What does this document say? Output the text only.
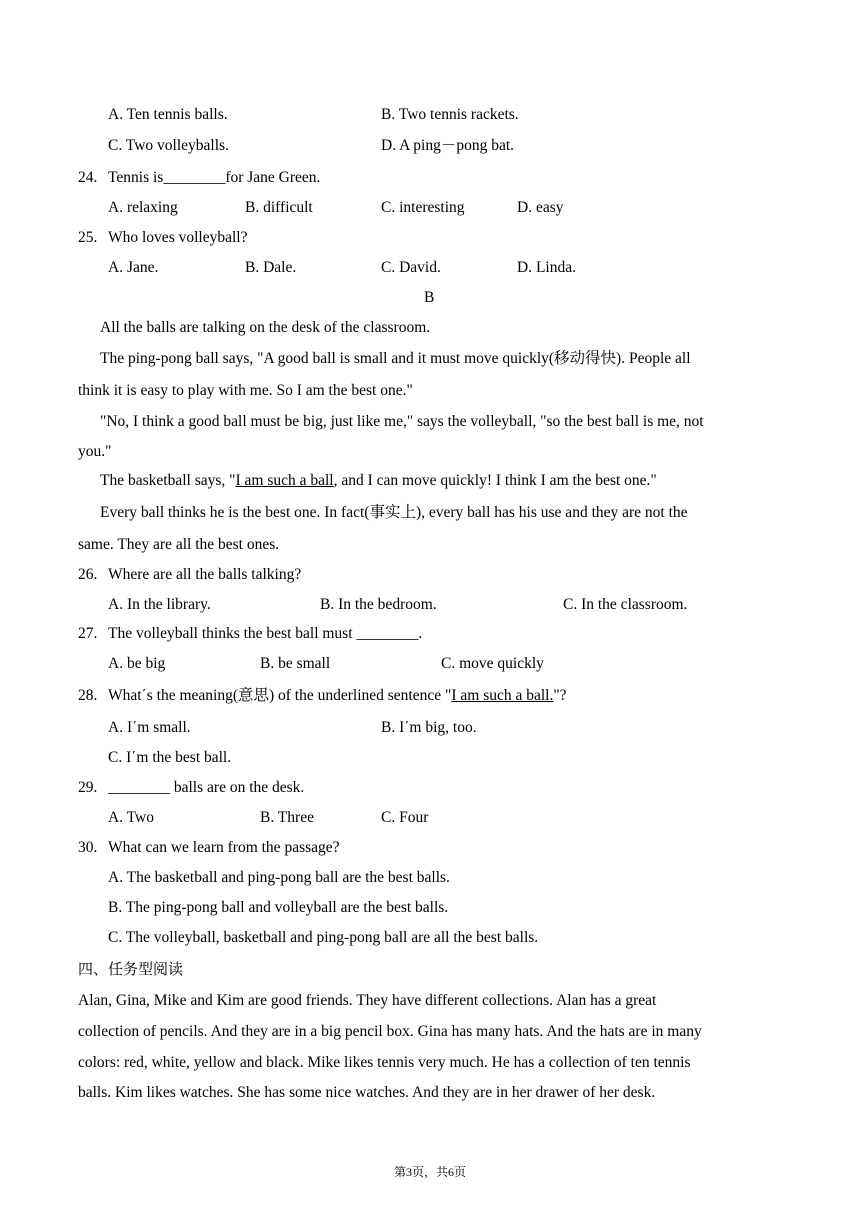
A. Ten tennis balls.	B. Two tennis rackets.
C. Two volleyballs.	D. A ping－pong bat.
24. Tennis is________for Jane Green.
A. relaxing	B. difficult	C. interesting	D. easy
25. Who loves volleyball?
A. Jane.	B. Dale.	C. David.	D. Linda.
B
All the balls are talking on the desk of the classroom.
The ping-pong ball says, "A good ball is small and it must move quickly(移动得快). People all
think it is easy to play with me. So I am the best one."
"No, I think a good ball must be big, just like me," says the volleyball, "so the best ball is me, not
you."
The basketball says, "I am such a ball, and I can move quickly! I think I am the best one."
Every ball thinks he is the best one. In fact(事实上), every ball has his use and they are not the
same. They are all the best ones.
26. Where are all the balls talking?
A. In the library.	B. In the bedroom.	C. In the classroom.
27. The volleyball thinks the best ball must ________.
A. be big	B. be small	C. move quickly
28. What΄s the meaning(意思) of the underlined sentence "I am such a ball."?
A. I΄m small.	B. I΄m big, too.
C. I΄m the best ball.
29. ________ balls are on the desk.
A. Two	B. Three	C. Four
30. What can we learn from the passage?
A. The basketball and ping-pong ball are the best balls.
B. The ping-pong ball and volleyball are the best balls.
C. The volleyball, basketball and ping-pong ball are all the best balls.
四、任务型阅读
Alan, Gina, Mike and Kim are good friends. They have different collections. Alan has a great
collection of pencils. And they are in a big pencil box. Gina has many hats. And the hats are in many
colors: red, white, yellow and black. Mike likes tennis very much. He has a collection of ten tennis
balls. Kim likes watches. She has some nice watches. And they are in her drawer of her desk.
第3页，共6页
